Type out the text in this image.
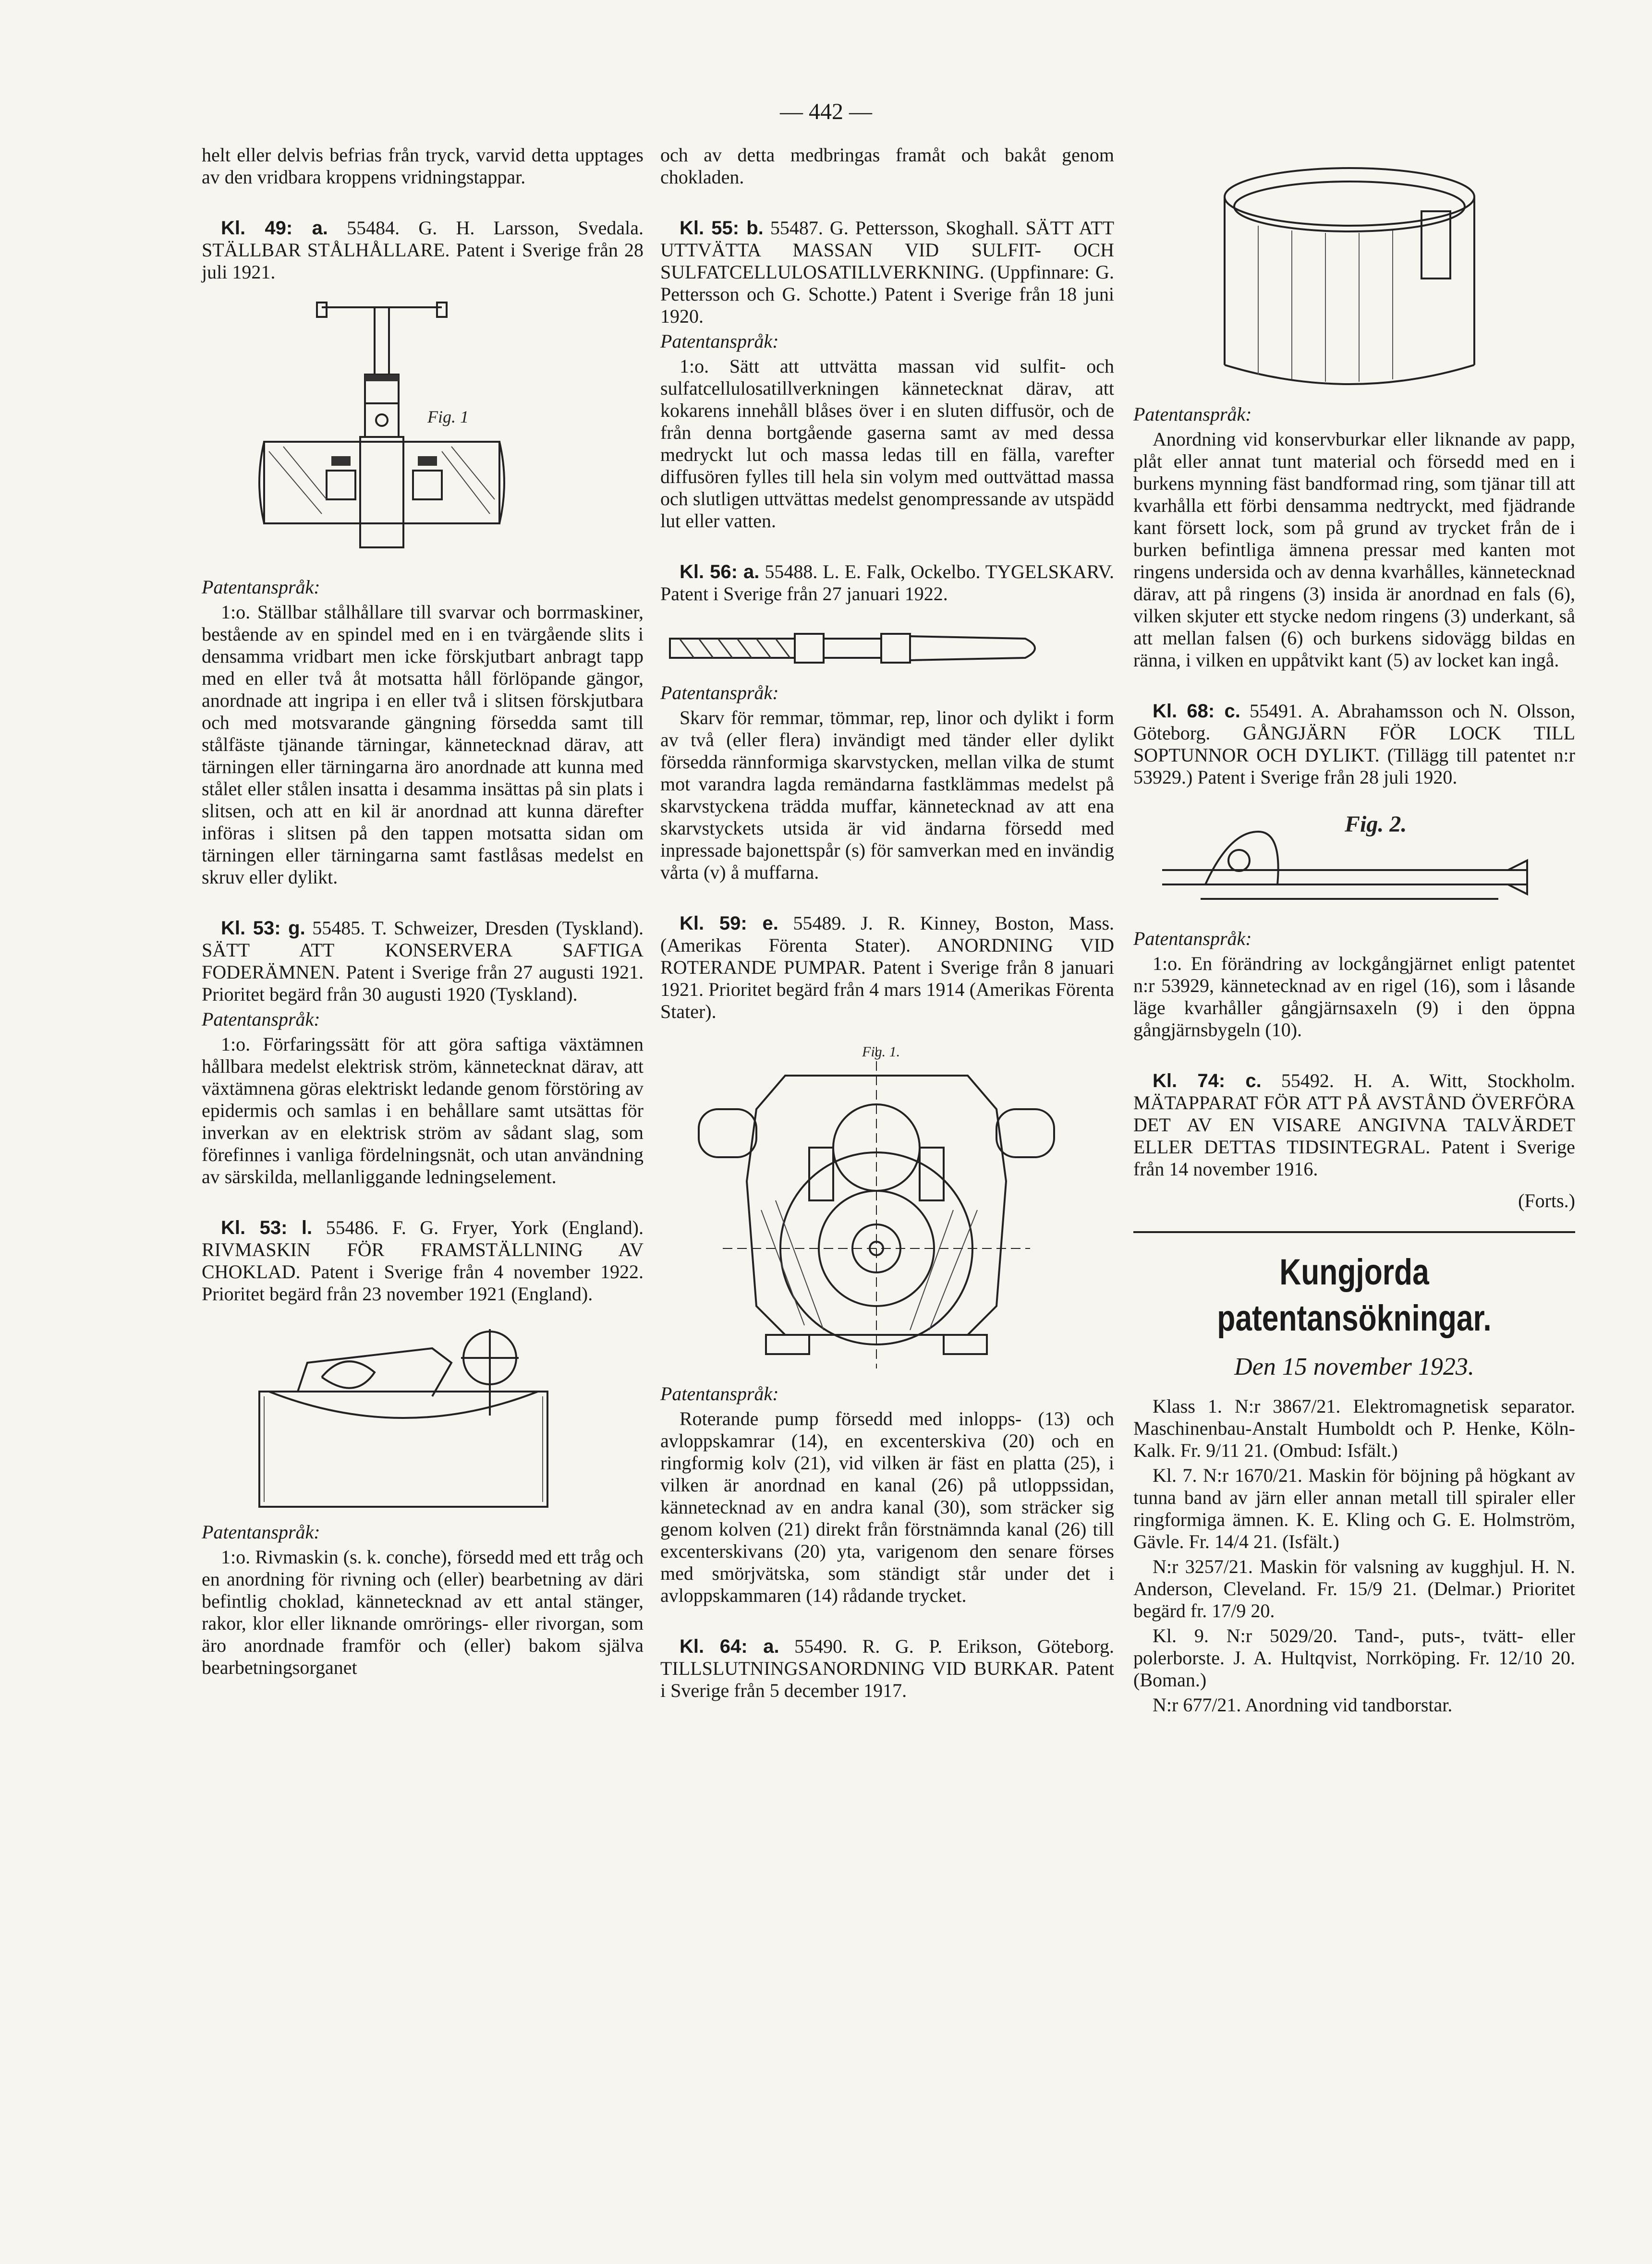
— 442 —

helt eller delvis befrias från tryck, varvid detta upptages av den vridbara kroppens vridningstappar.

Kl. 49: a. 55484. G. H. Larsson, Svedala. STÄLLBAR STÅLHÅLLARE. Patent i Sverige från 28 juli 1921.

Fig. 1

Patentanspråk:

1:o. Ställbar stålhållare till svarvar och borrmaskiner, bestående av en spindel med en i en tvärgående slits i densamma vridbart men icke förskjutbart anbragt tapp med en eller två åt motsatta håll förlöpande gängor, anordnade att ingripa i en eller två i slitsen förskjutbara och med motsvarande gängning försedda samt till stålfäste tjänande tärningar, kännetecknad därav, att tärningen eller tärningarna äro anordnade att kunna med stålet eller stålen insatta i desamma insättas på sin plats i slitsen, och att en kil är anordnad att kunna därefter införas i slitsen på den tappen motsatta sidan om tärningen eller tärningarna samt fastlåsas medelst en skruv eller dylikt.

Kl. 53: g. 55485. T. Schweizer, Dresden (Tyskland). SÄTT ATT KONSERVERA SAFTIGA FODERÄMNEN. Patent i Sverige från 27 augusti 1921. Prioritet begärd från 30 augusti 1920 (Tyskland).

Patentanspråk:

1:o. Förfaringssätt för att göra saftiga växtämnen hållbara medelst elektrisk ström, kännetecknat därav, att växtämnena göras elektriskt ledande genom förstöring av epidermis och samlas i en behållare samt utsättas för inverkan av en elektrisk ström av sådant slag, som förefinnes i vanliga fördelningsnät, och utan användning av särskilda, mellanliggande ledningselement.

Kl. 53: l. 55486. F. G. Fryer, York (England). RIVMASKIN FÖR FRAMSTÄLLNING AV CHOKLAD. Patent i Sverige från 4 november 1922. Prioritet begärd från 23 november 1921 (England).

Patentanspråk:

1:o. Rivmaskin (s. k. conche), försedd med ett tråg och en anordning för rivning och (eller) bearbetning av däri befintlig choklad, kännetecknad av ett antal stänger, rakor, klor eller liknande omrörings- eller rivorgan, som äro anordnade framför och (eller) bakom själva bearbetningsorganet

och av detta medbringas framåt och bakåt genom chokladen.

Kl. 55: b. 55487. G. Pettersson, Skoghall. SÄTT ATT UTTVÄTTA MASSAN VID SULFIT- OCH SULFATCELLULOSATILLVERKNING. (Uppfinnare: G. Pettersson och G. Schotte.) Patent i Sverige från 18 juni 1920.

Patentanspråk:

1:o. Sätt att uttvätta massan vid sulfit- och sulfatcellulosatillverkningen kännetecknat därav, att kokarens innehåll blåses över i en sluten diffusör, och de från denna bortgående gaserna samt av med dessa medryckt lut och massa ledas till en fälla, varefter diffusören fylles till hela sin volym med outtvättad massa och slutligen uttvättas medelst genompressande av utspädd lut eller vatten.

Kl. 56: a. 55488. L. E. Falk, Ockelbo. TYGELSKARV. Patent i Sverige från 27 januari 1922.

Patentanspråk:

Skarv för remmar, tömmar, rep, linor och dylikt i form av två (eller flera) invändigt med tänder eller dylikt försedda rännformiga skarvstycken, mellan vilka de stumt mot varandra lagda remändarna fastklämmas medelst på skarvstyckena trädda muffar, kännetecknad av att ena skarvstyckets utsida är vid ändarna försedd med inpressade bajonettspår (s) för samverkan med en invändig vårta (v) å muffarna.

Kl. 59: e. 55489. J. R. Kinney, Boston, Mass. (Amerikas Förenta Stater). ANORDNING VID ROTERANDE PUMPAR. Patent i Sverige från 8 januari 1921. Prioritet begärd från 4 mars 1914 (Amerikas Förenta Stater).

Fig. 1.

Patentanspråk:

Roterande pump försedd med inlopps- (13) och avloppskamrar (14), en excenterskiva (20) och en ringformig kolv (21), vid vilken är fäst en platta (25), i vilken är anordnad en kanal (26) på utloppssidan, kännetecknad av en andra kanal (30), som sträcker sig genom kolven (21) direkt från förstnämnda kanal (26) till excenterskivans (20) yta, varigenom den senare förses med smörjvätska, som ständigt står under det i avloppskammaren (14) rådande trycket.

Kl. 64: a. 55490. R. G. P. Erikson, Göteborg. TILLSLUTNINGSANORDNING VID BURKAR. Patent i Sverige från 5 december 1917.

Patentanspråk:

Anordning vid konservburkar eller liknande av papp, plåt eller annat tunt material och försedd med en i burkens mynning fäst bandformad ring, som tjänar till att kvarhålla ett förbi densamma nedtryckt, med fjädrande kant försett lock, som på grund av trycket från de i burken befintliga ämnena pressar med kanten mot ringens undersida och av denna kvarhålles, kännetecknad därav, att på ringens (3) insida är anordnad en fals (6), vilken skjuter ett stycke nedom ringens (3) underkant, så att mellan falsen (6) och burkens sidovägg bildas en ränna, i vilken en uppåtvikt kant (5) av locket kan ingå.

Kl. 68: c. 55491. A. Abrahamsson och N. Olsson, Göteborg. GÅNGJÄRN FÖR LOCK TILL SOPTUNNOR OCH DYLIKT. (Tillägg till patentet n:r 53929.) Patent i Sverige från 28 juli 1920.

Fig. 2.

Patentanspråk:

1:o. En förändring av lockgångjärnet enligt patentet n:r 53929, kännetecknad av en rigel (16), som i låsande läge kvarhåller gångjärnsaxeln (9) i den öppna gångjärnsbygeln (10).

Kl. 74: c. 55492. H. A. Witt, Stockholm. MÄTAPPARAT FÖR ATT PÅ AVSTÅND ÖVERFÖRA DET AV EN VISARE ANGIVNA TALVÄRDET ELLER DETTAS TIDSINTEGRAL. Patent i Sverige från 14 november 1916.

(Forts.)

Kungjorda patentansökningar.
Den 15 november 1923.

Klass 1. N:r 3867/21. Elektromagnetisk separator. Maschinenbau-Anstalt Humboldt och P. Henke, Köln-Kalk. Fr. 9/11 21. (Ombud: Isfält.)

Kl. 7. N:r 1670/21. Maskin för böjning på högkant av tunna band av järn eller annan metall till spiraler eller ringformiga ämnen. K. E. Kling och G. E. Holmström, Gävle. Fr. 14/4 21. (Isfält.)

N:r 3257/21. Maskin för valsning av kugghjul. H. N. Anderson, Cleveland. Fr. 15/9 21. (Delmar.) Prioritet begärd fr. 17/9 20.

Kl. 9. N:r 5029/20. Tand-, puts-, tvätt- eller polerborste. J. A. Hultqvist, Norrköping. Fr. 12/10 20. (Boman.)

N:r 677/21. Anordning vid tandborstar.
